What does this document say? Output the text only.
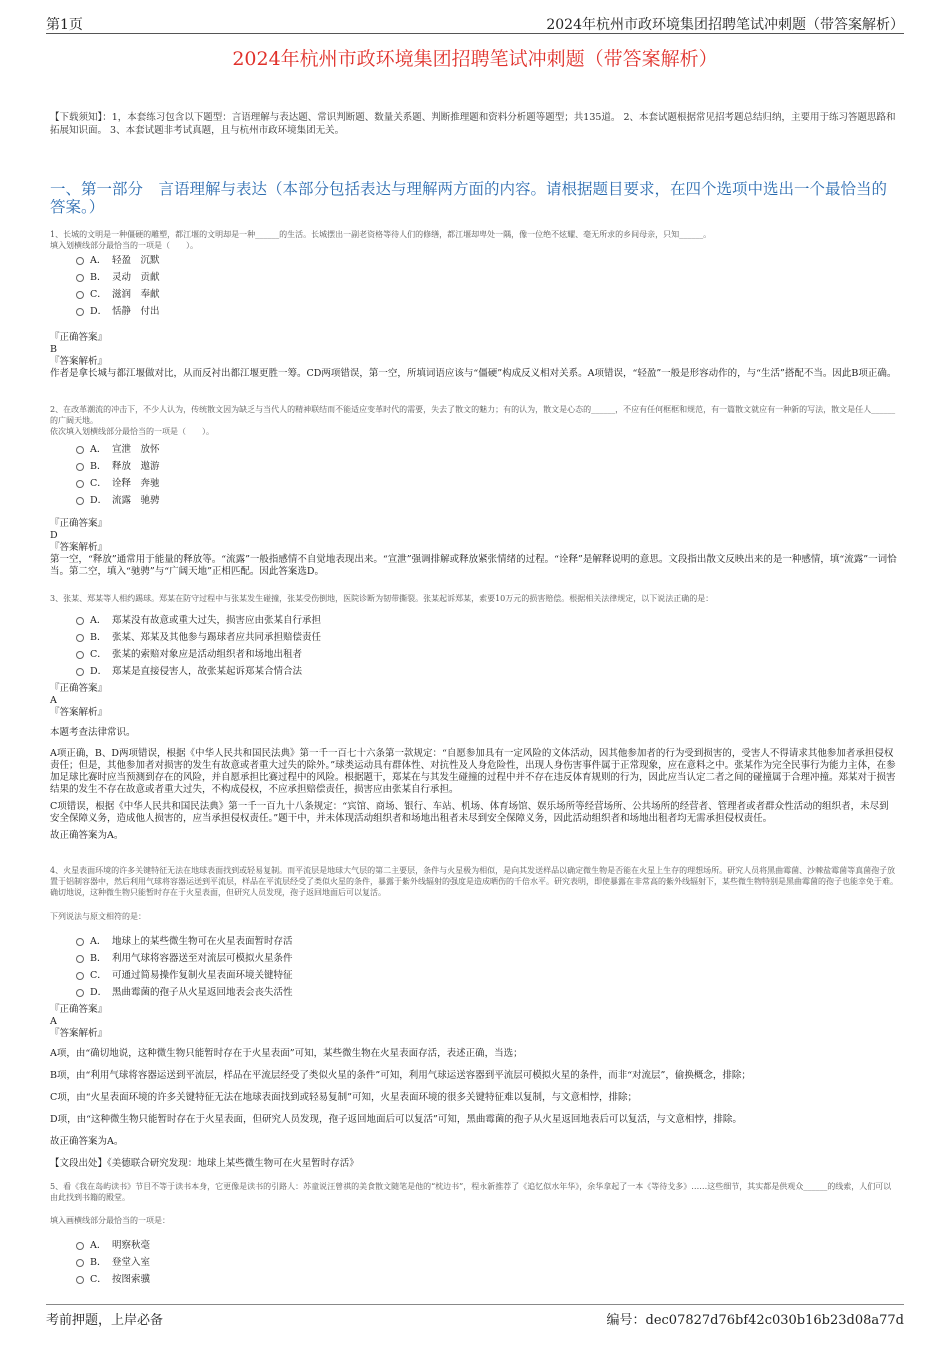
第1页	2024年杭州市政环境集团招聘笔试冲刺题（带答案解析）
2024年杭州市政环境集团招聘笔试冲刺题（带答案解析）
【下载须知】：1，本套练习包含以下题型：言语理解与表达题、常识判断题、数量关系题、判断推理题和资料分析题等题型；共135道。 2、本套试题根据常见招考题总结归纳，主要用于练习答题思路和拓展知识面。 3、本套试题非考试真题，且与杭州市政环境集团无关。
一、第一部分　言语理解与表达（本部分包括表达与理解两方面的内容。请根据题目要求，在四个选项中选出一个最恰当的答案。）
1、长城的文明是一种僵硬的雕塑，都江堰的文明却是一种______的生活。长城摆出一副老资格等待人们的修缮，都江堰却卑处一隅，像一位绝不炫耀、毫无所求的乡间母亲，只知______。
填入划横线部分最恰当的一项是（　　）。
A． 轻盈　沉默
B． 灵动　贡献
C． 滋润　奉献
D． 恬静　付出
『正确答案』
B
『答案解析』
作者是拿长城与都江堰做对比，从而反衬出都江堰更胜一筹。CD两项错误，第一空，所填词语应该与“僵硬”构成反义相对关系。A项错误，“轻盈”一般是形容动作的，与“生活”搭配不当。因此B项正确。
2、在改革潮流的冲击下，不少人认为，传统散文因为缺乏与当代人的精神联结而不能适应变革时代的需要，失去了散文的魅力；有的认为，散文是心态的______，不应有任何框框和规范，有一篇散文就应有一种新的写法，散文是任人______的广阔天地。
依次填入划横线部分最恰当的一项是（　　）。
A． 宣泄　放怀
B． 释放　遨游
C． 诠释　奔驰
D． 流露　驰骋
『正确答案』
D
『答案解析』
第一空，“释放”通常用于能量的释放等。“流露”一般指感情不自觉地表现出来。“宣泄”强调排解或释放紧张情绪的过程。“诠释”是解释说明的意思。文段指出散文反映出来的是一种感情，填“流露”一词恰当。第二空，填入“驰骋”与“广阔天地”正相匹配。因此答案选D。
3、张某、郑某等人相约踢球。郑某在防守过程中与张某发生碰撞，张某受伤倒地，医院诊断为韧带撕裂。张某起诉郑某，索要10万元的损害赔偿。根据相关法律规定，以下说法正确的是：
A． 郑某没有故意或重大过失，损害应由张某自行承担
B． 张某、郑某及其他参与踢球者应共同承担赔偿责任
C． 张某的索赔对象应是活动组织者和场地出租者
D． 郑某是直接侵害人，故张某起诉郑某合情合法
『正确答案』
A
『答案解析』

本题考查法律常识。

A项正确，B、D两项错误，根据《中华人民共和国民法典》第一千一百七十六条第一款规定：“自愿参加具有一定风险的文体活动，因其他参加者的行为受到损害的，受害人不得请求其他参加者承担侵权责任；但是，其他参加者对损害的发生有故意或者重大过失的除外。”球类运动具有群体性、对抗性及人身危险性，出现人身伤害事件属于正常现象，应在意料之中。张某作为完全民事行为能力主体，在参加足球比赛时应当预测到存在的风险，并自愿承担比赛过程中的风险。根据题干，郑某在与其发生碰撞的过程中并不存在违反体育规则的行为，因此应当认定二者之间的碰撞属于合理冲撞。郑某对于损害结果的发生不存在故意或者重大过失，不构成侵权，不应承担赔偿责任，损害应由张某自行承担。

C项错误，根据《中华人民共和国民法典》第一千一百九十八条规定：“宾馆、商场、银行、车站、机场、体育场馆、娱乐场所等经营场所、公共场所的经营者、管理者或者群众性活动的组织者，未尽到安全保障义务，造成他人损害的，应当承担侵权责任。”题干中，并未体现活动组织者和场地出租者未尽到安全保障义务，因此活动组织者和场地出租者均无需承担侵权责任。

故正确答案为A。

4、火星表面环境的许多关键特征无法在地球表面找到或轻易复制。而平流层是地球大气层的第二主要层，条件与火星极为相似，是向其发送样品以确定微生物是否能在火星上生存的理想场所。研究人员将黑曲霉菌、沙棘盐霉菌等真菌孢子放置于铝制容器中，然后利用气球将容器运送到平流层，样品在平流层经受了类似火星的条件，暴露于紫外线辐射的强度是造成晒伤的千倍水平。研究表明，即使暴露在非常高的紫外线辐射下，某些微生物特别是黑曲霉菌的孢子也能幸免于难。确切地说，这种微生物只能暂时存在于火星表面，但研究人员发现，孢子返回地面后可以复活。
下列说法与原文相符的是：
A． 地球上的某些微生物可在火星表面暂时存活
B． 利用气球将容器送至对流层可模拟火星条件
C． 可通过简易操作复制火星表面环境关键特征
D． 黑曲霉菌的孢子从火星返回地表会丧失活性
『正确答案』
A
『答案解析』

A项，由“确切地说，这种微生物只能暂时存在于火星表面”可知，某些微生物在火星表面存活，表述正确，当选；

B项，由“利用气球将容器运送到平流层，样品在平流层经受了类似火星的条件”可知，利用气球运送容器到平流层可模拟火星的条件，而非“对流层”，偷换概念，排除；

C项，由“火星表面环境的许多关键特征无法在地球表面找到或轻易复制”可知，火星表面环境的很多关键特征难以复制，与文意相悖，排除；

D项，由“这种微生物只能暂时存在于火星表面，但研究人员发现，孢子返回地面后可以复活”可知，黑曲霉菌的孢子从火星返回地表后可以复活，与文意相悖，排除。

故正确答案为A。

【文段出处】《美德联合研究发现：地球上某些微生物可在火星暂时存活》

5、看《我在岛屿读书》节目不等于读书本身，它更像是读书的引路人：苏童说汪曾祺的美食散文随笔是他的“枕边书”，程永新推荐了《追忆似水年华》，余华拿起了一本《等待戈多》……这些细节，其实都是供观众______的线索，人们可以由此找到书籍的殿堂。
填入画横线部分最恰当的一项是：
A． 明察秋毫
B． 登堂入室
C． 按图索骥
考前押题，上岸必备	编号：dec07827d76bf42c030b16b23d08a77d
